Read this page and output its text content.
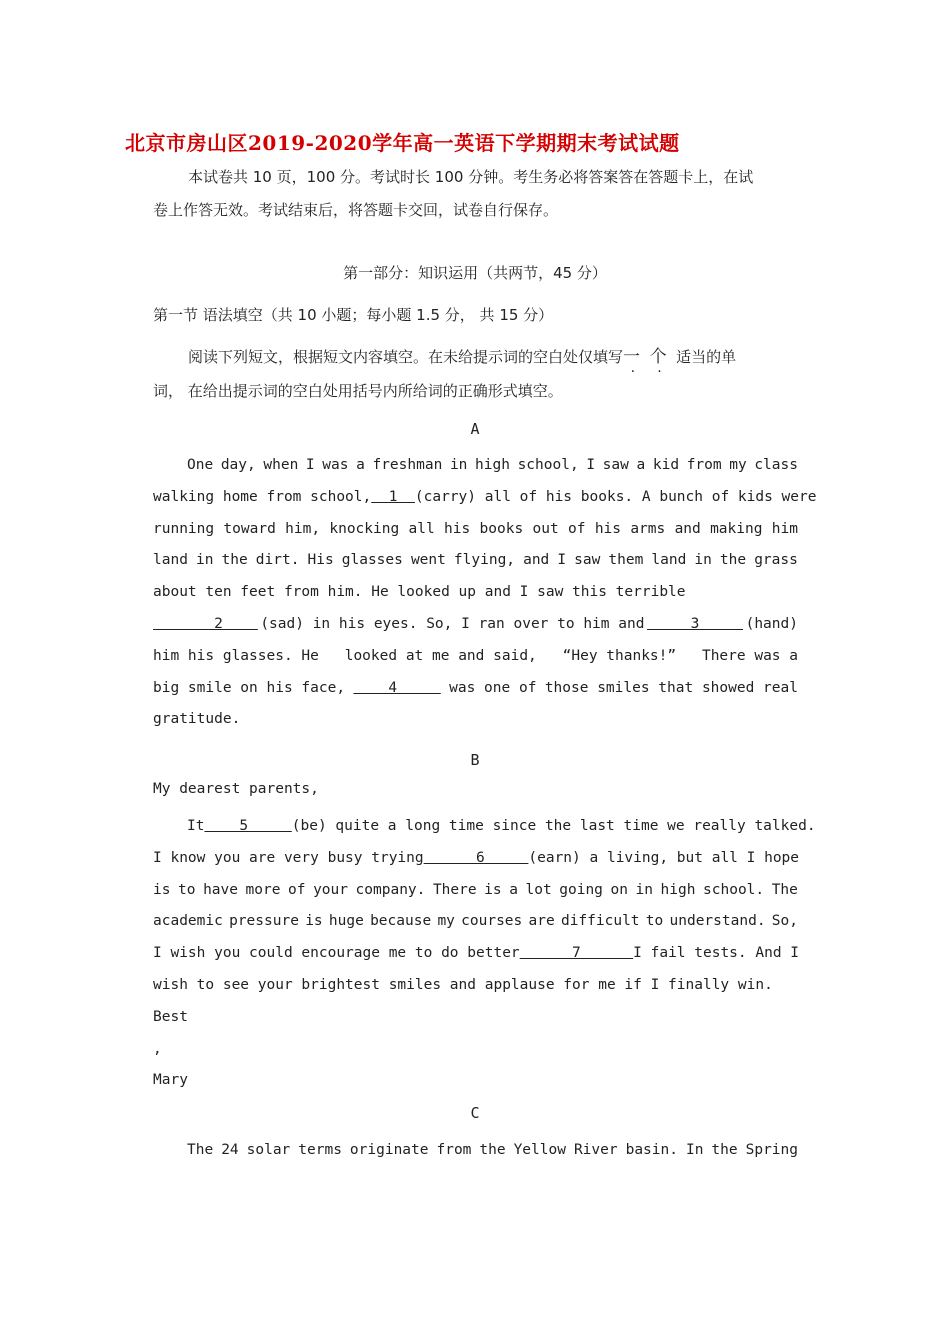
北京市房山区2019-2020学年高一英语下学期期末考试试题
本试卷共 10 页，100 分。考试时长 100 分钟。考生务必将答案答在答题卡上，在试
卷上作答无效。考试结束后，将答题卡交回，试卷自行保存。
第一部分：知识运用（共两节，45 分）
第一节 语法填空（共 10 小题；每小题 1.5 分， 共 15 分）
阅读下列短文，根据短文内容填空。在未给提示词的空白处仅填写一 个 适当的单
词， 在给出提示词的空白处用括号内所给词的正确形式填空。
A
One day, when I was a freshman in high school, I saw a kid from my class
walking home from school, 1 (carry) all of his books. A bunch of kids were
running toward him, knocking all his books out of his arms and making him
land in the dirt. His glasses went flying, and I saw them land in the grass
about ten feet from him. He looked up and I saw this terrible
2 (sad) in his eyes. So, I ran over to him and 3 (hand)
him his glasses. He looked at me and said, “Hey thanks!” There was a
big smile on his face, 4 was one of those smiles that showed real
gratitude.
B
My dearest parents,
It 5 (be) quite a long time since the last time we really talked.
I know you are very busy trying 6 (earn) a living, but all I hope
is to have more of your company. There is a lot going on in high school. The
academic pressure is huge because my courses are difficult to understand. So,
I wish you could encourage me to do better 7 I fail tests. And I
wish to see your brightest smiles and applause for me if I finally win.
Best
,
Mary
C
The 24 solar terms originate from the Yellow River basin. In the Spring
